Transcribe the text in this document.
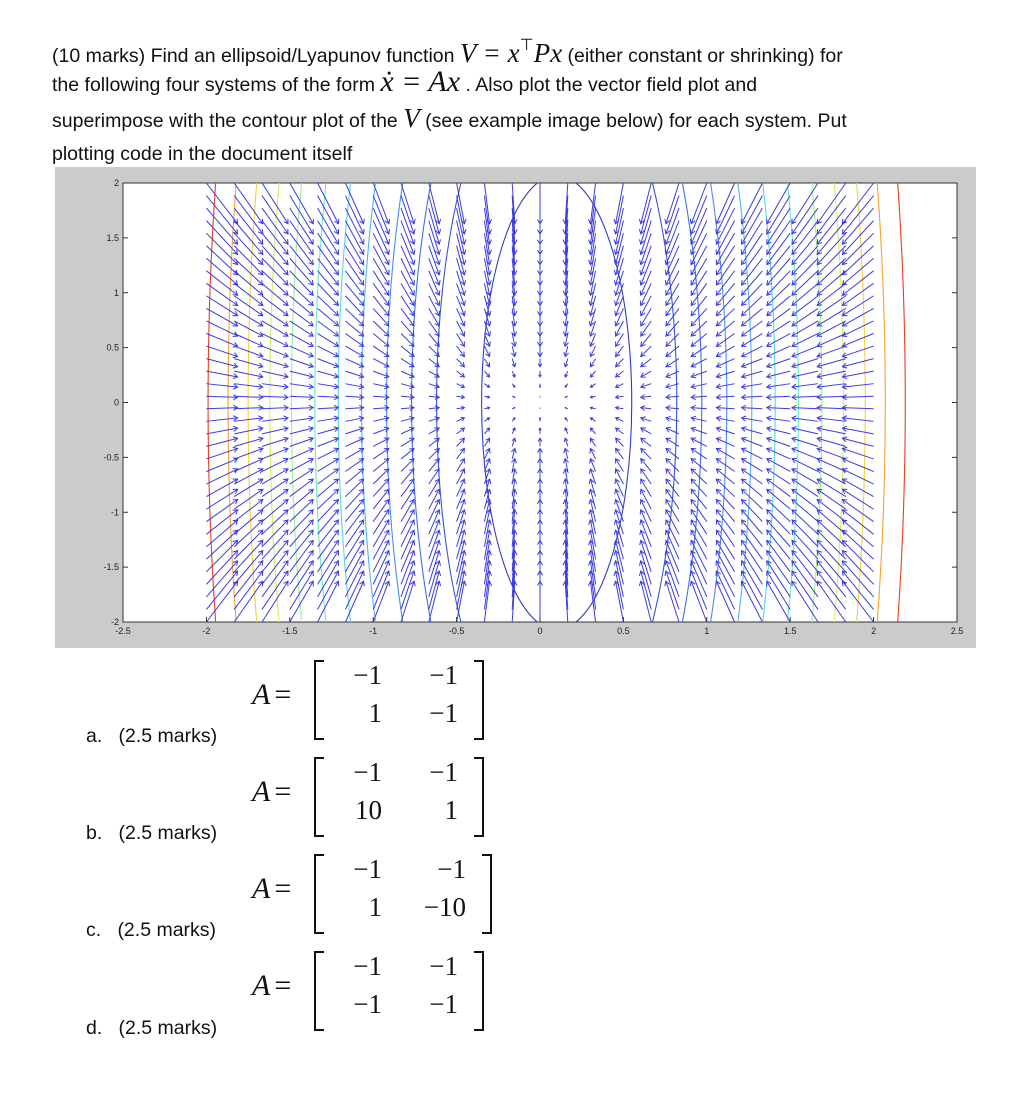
(10 marks) Find an ellipsoid/Lyapunov function V = x⊤Px (either constant or shrinking) for
the following four systems of the form ẋ = Ax . Also plot the vector field plot and
superimpose with the contour plot of the V (see example image below) for each system. Put
plotting code in the document itself
-2.5	-2	-1.5	-1	-0.5	0	0.5	1	1.5	2	2.5
2
1.5
1
0.5
0
-0.5
-1
-1.5
-2
a. (2.5 marks)
b. (2.5 marks)
c. (2.5 marks)
d. (2.5 marks)
A =
−1	−1
1	−1
A =
−1	−1
10	1
A =
−1	−1
1	−10
A =
−1	−1
−1	−1
